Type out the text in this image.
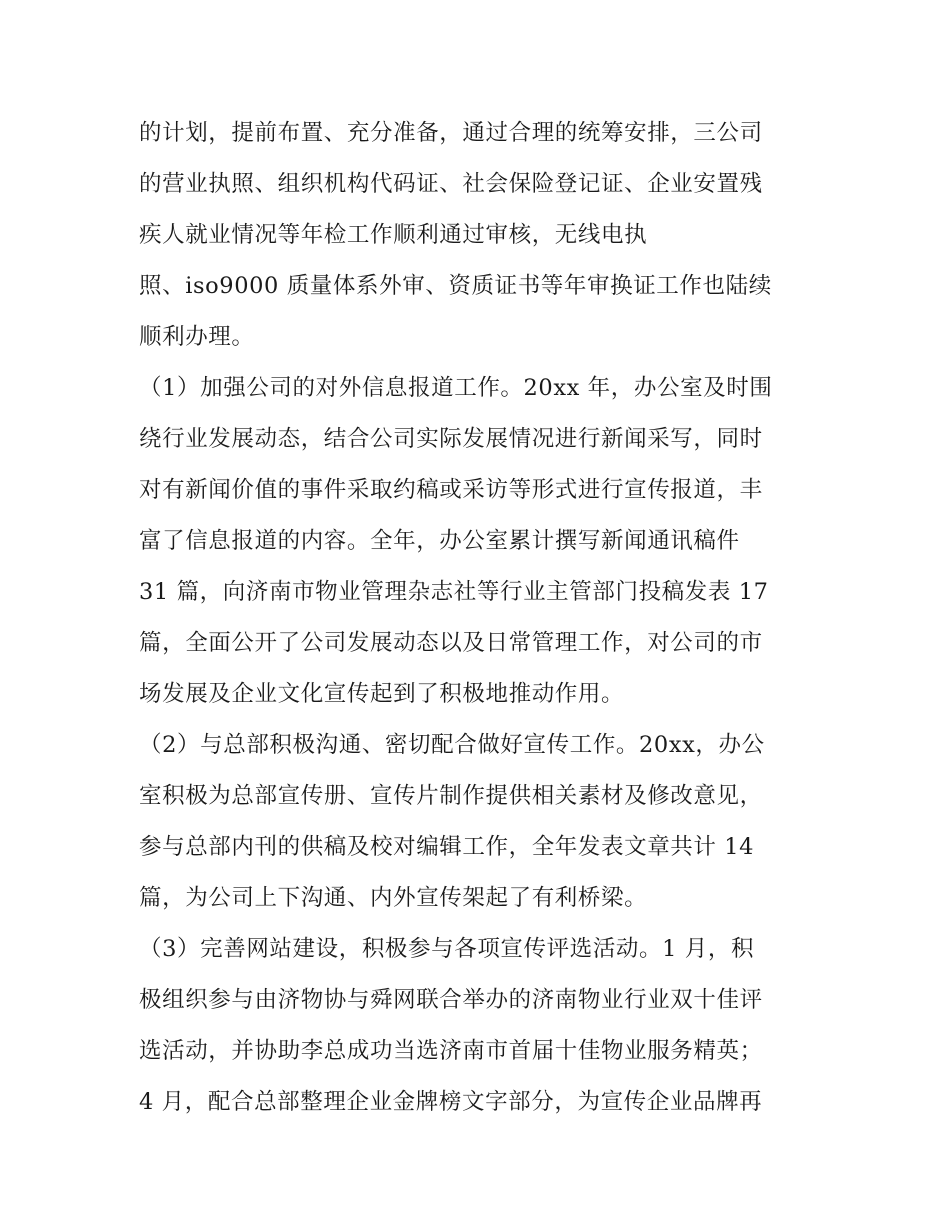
的计划，提前布置、充分准备，通过合理的统筹安排，三公司
的营业执照、组织机构代码证、社会保险登记证、企业安置残
疾人就业情况等年检工作顺利通过审核，无线电执
照、iso9000 质量体系外审、资质证书等年审换证工作也陆续
顺利办理。
（1）加强公司的对外信息报道工作。20xx 年，办公室及时围
绕行业发展动态，结合公司实际发展情况进行新闻采写，同时
对有新闻价值的事件采取约稿或采访等形式进行宣传报道，丰
富了信息报道的内容。全年，办公室累计撰写新闻通讯稿件
31 篇，向济南市物业管理杂志社等行业主管部门投稿发表 17
篇，全面公开了公司发展动态以及日常管理工作，对公司的市
场发展及企业文化宣传起到了积极地推动作用。
（2）与总部积极沟通、密切配合做好宣传工作。20xx，办公
室积极为总部宣传册、宣传片制作提供相关素材及修改意见，
参与总部内刊的供稿及校对编辑工作，全年发表文章共计 14
篇，为公司上下沟通、内外宣传架起了有利桥梁。
（3）完善网站建设，积极参与各项宣传评选活动。1 月，积
极组织参与由济物协与舜网联合举办的济南物业行业双十佳评
选活动，并协助李总成功当选济南市首届十佳物业服务精英；
4 月，配合总部整理企业金牌榜文字部分，为宣传企业品牌再
